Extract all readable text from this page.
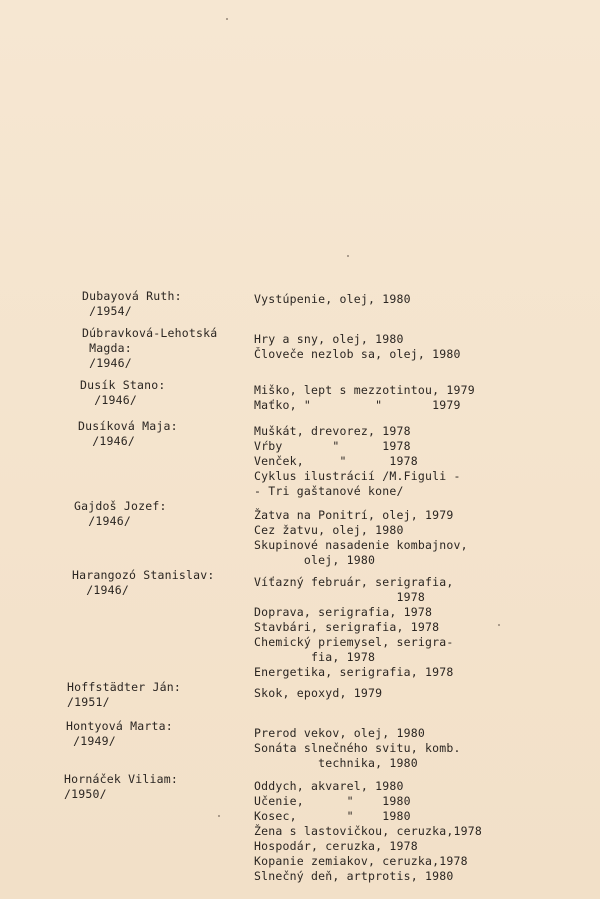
Dubayová Ruth:
/1954/
Vystúpenie, olej, 1980
Dúbravková-Lehotská
Magda:
/1946/
Hry a sny, olej, 1980
Človeče nezlob sa, olej, 1980
Dusík Stano:
/1946/
Miško, lept s mezzotintou, 1979
Maťko, "         "       1979
Dusíková Maja:
/1946/
Muškát, drevorez, 1978
Vŕby       "      1978
Venček,     "      1978
Cyklus ilustrácií /M.Figuli -
- Tri gaštanové kone/
Gajdoš Jozef:
/1946/	Žatva na Ponitrí, olej, 1979
Cez žatvu, olej, 1980
Skupinové nasadenie kombajnov,
olej, 1980
Harangozó Stanislav:
/1946/
Víťazný február, serigrafia,
1978
Doprava, serigrafia, 1978
Stavbári, serigrafia, 1978
Chemický priemysel, serigra-
fia, 1978
Energetika, serigrafia, 1978
Hoffstädter Ján:
/1951/
Skok, epoxyd, 1979
Hontyová Marta:
/1949/
Prerod vekov, olej, 1980
Sonáta slnečného svitu, komb.
technika, 1980
Hornáček Viliam:
/1950/
Oddych, akvarel, 1980
Učenie,      "    1980
Kosec,       "    1980
Žena s lastovičkou, ceruzka,1978
Hospodár, ceruzka, 1978
Kopanie zemiakov, ceruzka,1978
Slnečný deň, artprotis, 1980
